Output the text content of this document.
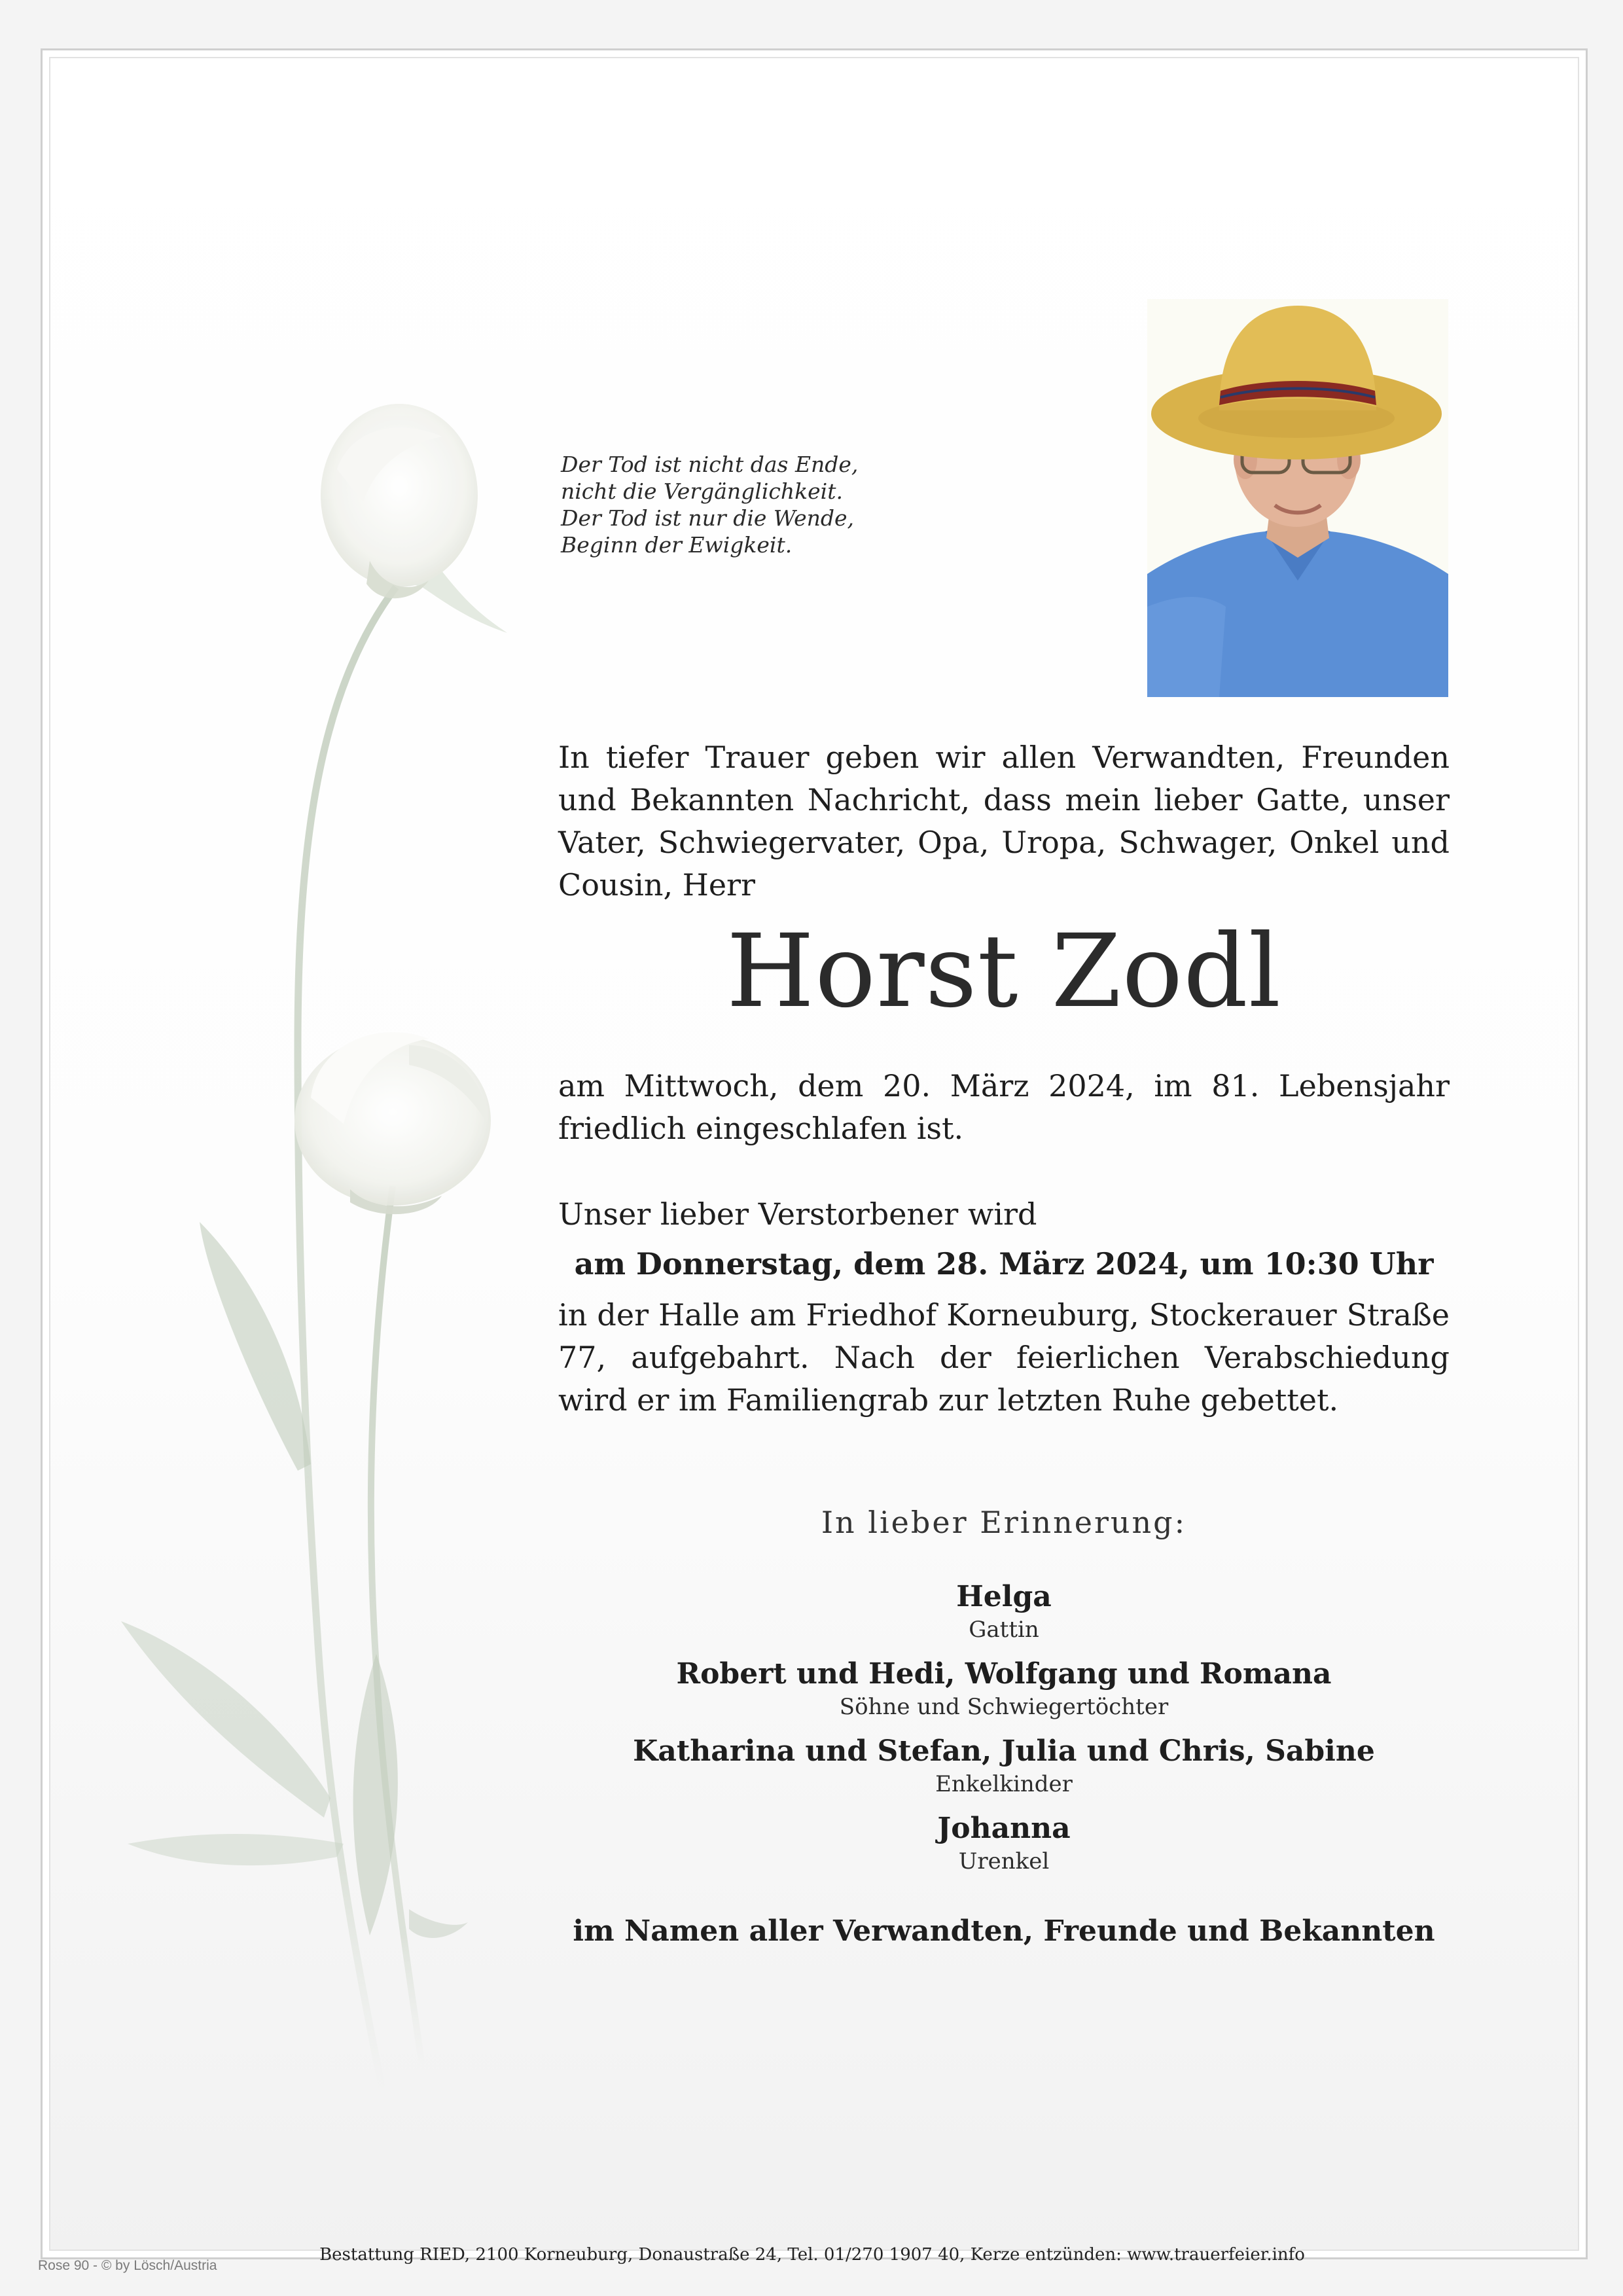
Der Tod ist nicht das Ende,
nicht die Vergänglichkeit.
Der Tod ist nur die Wende,
Beginn der Ewigkeit.
In tiefer Trauer geben wir allen Verwandten, Freunden und Bekannten Nachricht, dass mein lieber Gatte, unser Vater, Schwiegervater, Opa, Uropa, Schwager, Onkel und Cousin, Herr
Horst Zodl
am Mittwoch, dem 20. März 2024, im 81. Lebensjahr friedlich eingeschlafen ist.
Unser lieber Verstorbener wird
am Donnerstag, dem 28. März 2024, um 10:30 Uhr
in der Halle am Friedhof Korneuburg, Stockerauer Straße 77, aufgebahrt. Nach der feierlichen Verabschiedung wird er im Familiengrab zur letzten Ruhe gebettet.
In lieber Erinnerung:
Helga
Gattin
Robert und Hedi, Wolfgang und Romana
Söhne und Schwiegertöchter
Katharina und Stefan, Julia und Chris, Sabine
Enkelkinder
Johanna
Urenkel
im Namen aller Verwandten, Freunde und Bekannten
Bestattung RIED, 2100 Korneuburg, Donaustraße 24, Tel. 01/270 1907 40, Kerze entzünden: www.trauerfeier.info
Rose 90 - © by Lösch/Austria
